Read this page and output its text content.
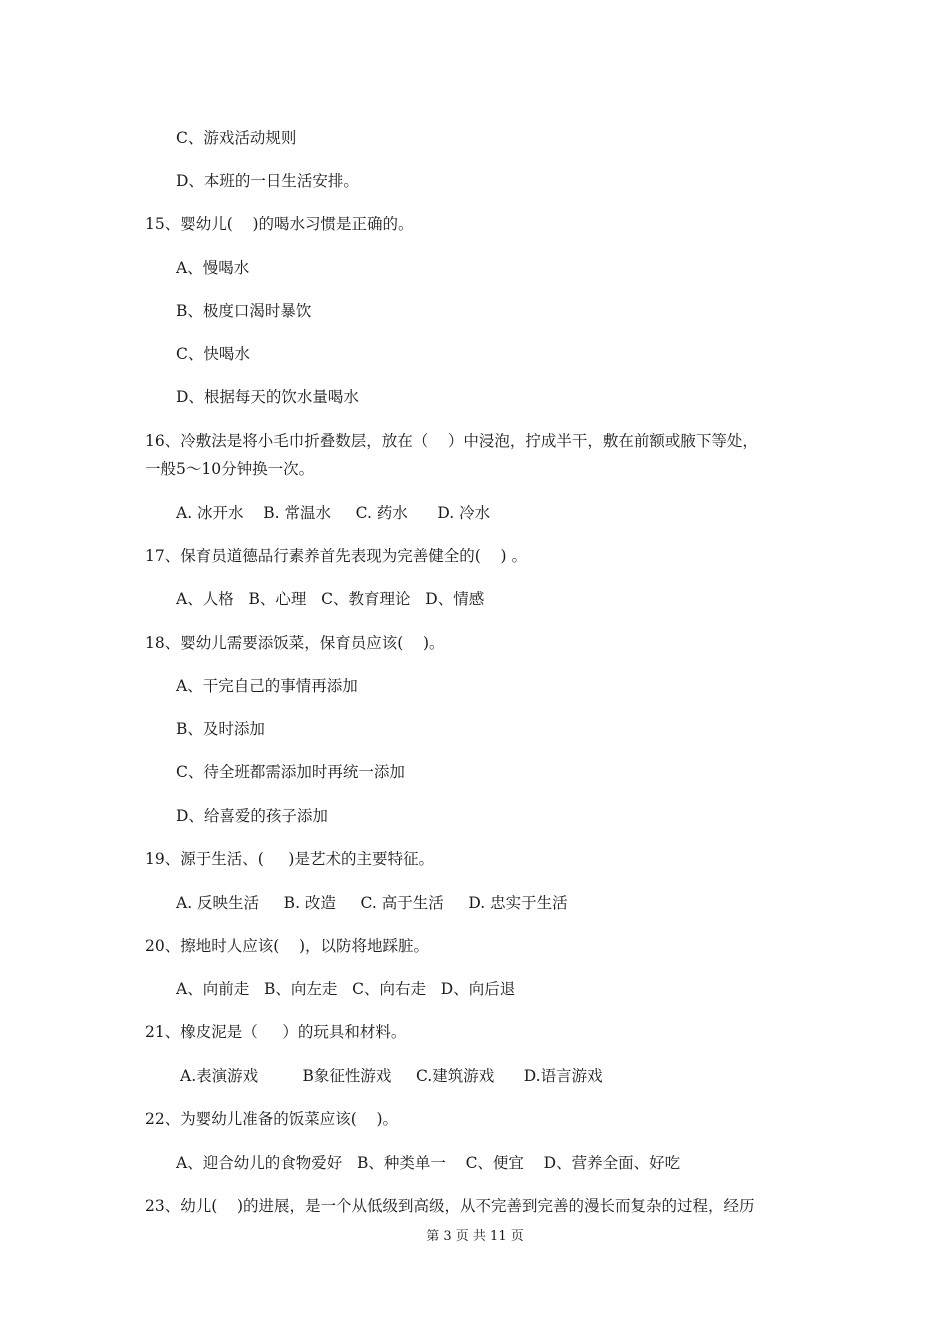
C、游戏活动规则
D、本班的一日生活安排。
15、婴幼儿(    )的喝水习惯是正确的。
A、慢喝水
B、极度口渴时暴饮
C、快喝水
D、根据每天的饮水量喝水
16、冷敷法是将小毛巾折叠数层，放在（    ）中浸泡，拧成半干，敷在前额或腋下等处，
一般5～10分钟换一次。
A. 冰开水    B. 常温水     C. 药水      D. 冷水
17、保育员道德品行素养首先表现为完善健全的(    ) 。
A、人格   B、心理   C、教育理论   D、情感
18、婴幼儿需要添饭菜，保育员应该(    )。
A、干完自己的事情再添加
B、及时添加
C、待全班都需添加时再统一添加
D、给喜爱的孩子添加
19、源于生活、(     )是艺术的主要特征。
A. 反映生活     B. 改造     C. 高于生活     D. 忠实于生活
20、擦地时人应该(    )，以防将地踩脏。
A、向前走   B、向左走   C、向右走   D、向后退
21、橡皮泥是（     ）的玩具和材料。
A.表演游戏         B象征性游戏     C.建筑游戏      D.语言游戏
22、为婴幼儿准备的饭菜应该(    )。
A、迎合幼儿的食物爱好   B、种类单一    C、便宜    D、营养全面、好吃
23、幼儿(    )的进展，是一个从低级到高级，从不完善到完善的漫长而复杂的过程，经历
第 3 页 共 11 页
